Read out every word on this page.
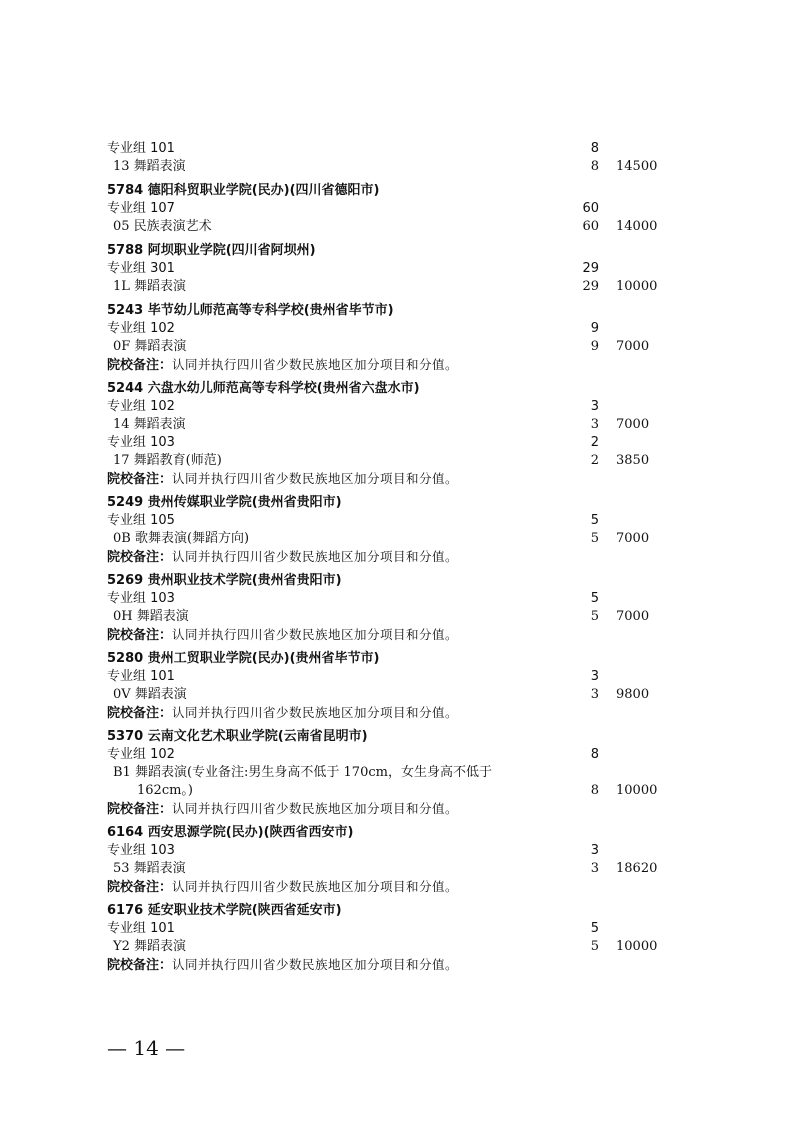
专业组 101	8
13 舞蹈表演	8 14500
5784 德阳科贸职业学院(民办)(四川省德阳市)
专业组 107	60
05 民族表演艺术	60 14000
5788 阿坝职业学院(四川省阿坝州)
专业组 301	29
1L 舞蹈表演	29 10000
5243 毕节幼儿师范高等专科学校(贵州省毕节市)
专业组 102	9
0F 舞蹈表演	9 7000
院校备注：认同并执行四川省少数民族地区加分项目和分值。
5244 六盘水幼儿师范高等专科学校(贵州省六盘水市)
专业组 102	3
14 舞蹈表演	3 7000
专业组 103	2
17 舞蹈教育(师范)	2 3850
院校备注：认同并执行四川省少数民族地区加分项目和分值。
5249 贵州传媒职业学院(贵州省贵阳市)
专业组 105	5
0B 歌舞表演(舞蹈方向)	5 7000
院校备注：认同并执行四川省少数民族地区加分项目和分值。
5269 贵州职业技术学院(贵州省贵阳市)
专业组 103	5
0H 舞蹈表演	5 7000
院校备注：认同并执行四川省少数民族地区加分项目和分值。
5280 贵州工贸职业学院(民办)(贵州省毕节市)
专业组 101	3
0V 舞蹈表演	3 9800
院校备注：认同并执行四川省少数民族地区加分项目和分值。
5370 云南文化艺术职业学院(云南省昆明市)
专业组 102	8
B1 舞蹈表演(专业备注:男生身高不低于 170cm，女生身高不低于
162cm。)	8 10000
院校备注：认同并执行四川省少数民族地区加分项目和分值。
6164 西安思源学院(民办)(陕西省西安市)
专业组 103	3
53 舞蹈表演	3 18620
院校备注：认同并执行四川省少数民族地区加分项目和分值。
6176 延安职业技术学院(陕西省延安市)
专业组 101	5
Y2 舞蹈表演	5 10000
院校备注：认同并执行四川省少数民族地区加分项目和分值。
— 14 —
